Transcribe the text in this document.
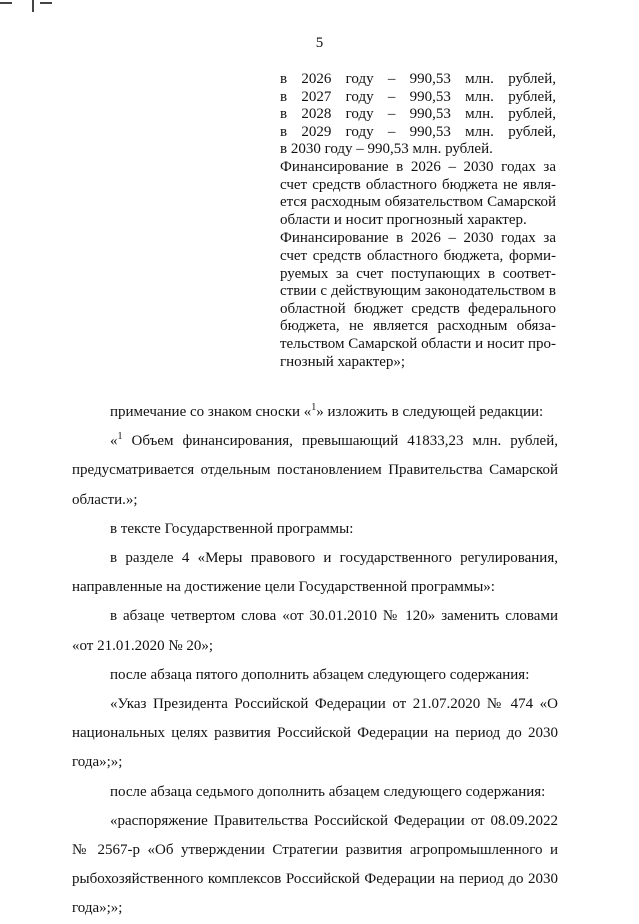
5
в 2026 году – 990,53 млн. рублей,
в 2027 году – 990,53 млн. рублей,
в 2028 году – 990,53 млн. рублей,
в 2029 году – 990,53 млн. рублей,
в 2030 году – 990,53 млн. рублей.
Финансирование в 2026 – 2030 годах за счет средств областного бюджета не является расходным обязательством Самарской области и носит прогнозный характер.
Финансирование в 2026 – 2030 годах за счет средств областного бюджета, формируемых за счет поступающих в соответствии с действующим законодательством в областной бюджет средств федерального бюджета, не является расходным обязательством Самарской области и носит прогнозный характер»;

примечание со знаком сноски «$^1$» изложить в следующей редакции:

«$^1$ Объем финансирования, превышающий 41833,23 млн. рублей, предусматривается отдельным постановлением Правительства Самарской области.»;

в тексте Государственной программы:

в разделе 4 «Меры правового и государственного регулирования, направленные на достижение цели Государственной программы»:

в абзаце четвертом слова «от 30.01.2010 № 120» заменить словами «от 21.01.2020 № 20»;

после абзаца пятого дополнить абзацем следующего содержания:

«Указ Президента Российской Федерации от 21.07.2020 № 474 «О национальных целях развития Российской Федерации на период до 2030 года»;»;

после абзаца седьмого дополнить абзацем следующего содержания:

«распоряжение Правительства Российской Федерации от 08.09.2022 № 2567-р «Об утверждении Стратегии развития агропромышленного и рыбохозяйственного комплексов Российской Федерации на период до 2030 года»;»;
